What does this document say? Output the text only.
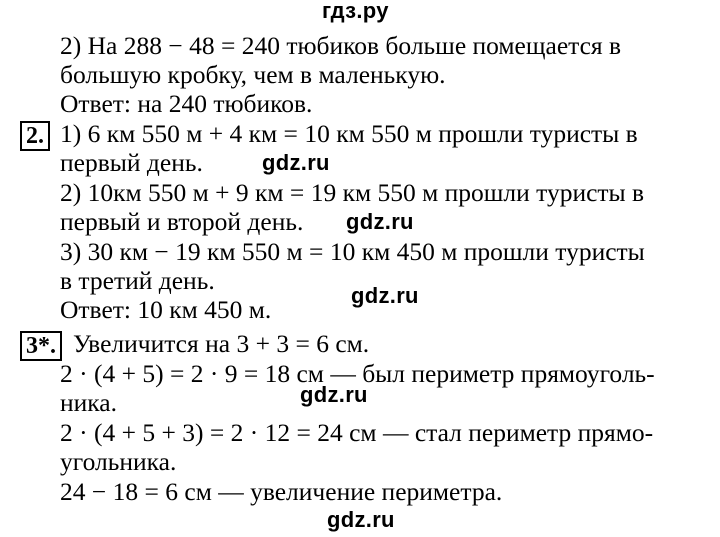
гдз.ру
2) На 288 − 48 = 240 тюбиков больше помещается в
большую кробку, чем в маленькую.
Ответ: на 240 тюбиков.
2. 1) 6 км 550 м + 4 км = 10 км 550 м прошли туристы в
первый день.	gdz.ru
2) 10км 550 м + 9 км = 19 км 550 м прошли туристы в
первый и второй день. gdz.ru
3) 30 км − 19 км 550 м = 10 км 450 м прошли туристы
в третий день.
Ответ: 10 км 450 м.	gdz.ru
3*. Увеличится на 3 + 3 = 6 см.
2 · (4 + 5) = 2 · 9 = 18 см — был периметр прямоуголь-
ника.	gdz.ru
2 · (4 + 5 + 3) = 2 · 12 = 24 см — стал периметр прямо-
угольника.
24 − 18 = 6 см — увеличение периметра.
gdz.ru
